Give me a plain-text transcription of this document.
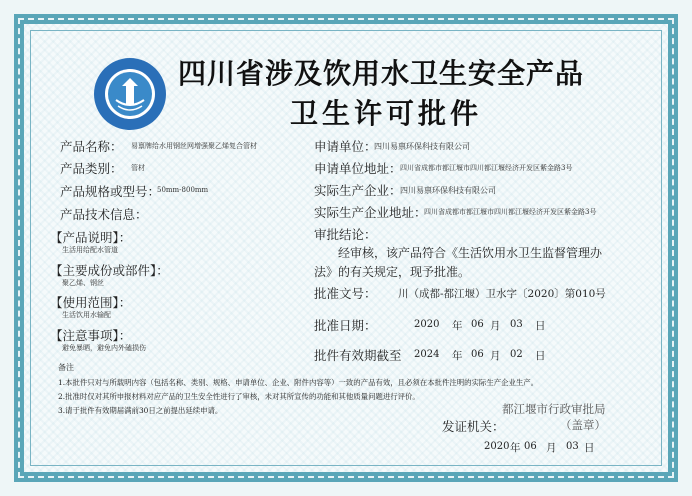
四川省涉及饮用水卫生安全产品
卫生许可批件
产品名称： 易禀牌给水用钢丝网增强聚乙烯复合管材
产品类别： 管材
产品规格或型号：
50mm-800mm
产品技术信息：
【产品说明】：
生活用给配水管道
【主要成份或部件】：
聚乙烯、钢丝
【使用范围】：
生活饮用水输配
【注意事项】：
避免暴晒，避免内外磕损伤
申请单位：
四川易禀环保科技有限公司
申请单位地址：
四川省成都市都江堰市四川都江堰经济开发区紫金路3号
实际生产企业：
四川易禀环保科技有限公司
实际生产企业地址：
四川省成都市都江堰市四川都江堰经济开发区紫金路3号
审批结论：
经审核，该产品符合《生活饮用水卫生监督管理办
法》的有关规定，现予批准。
批准文号： 川（成都-都江堰）卫水字〔2020〕第010号
批准日期：	2020 年 06 月 03 日
批件有效期截至 2024 年 06 月 02 日
备注
1.本批件只对与所载明内容（包括名称、类别、规格、申请单位、企业、附件内容等）一致的产品有效，且必须在本批件注明的实际生产企业生产。
2.批准时仅对其所申报材料对应产品的卫生安全性进行了审核，未对其所宣传的功能和其他质量问题进行评价。
3.请于批件有效期届满前30日之前提出延续申请。	都江堰市行政审批局
发证机关：	（盖章）
2020 年 06 月 03 日
